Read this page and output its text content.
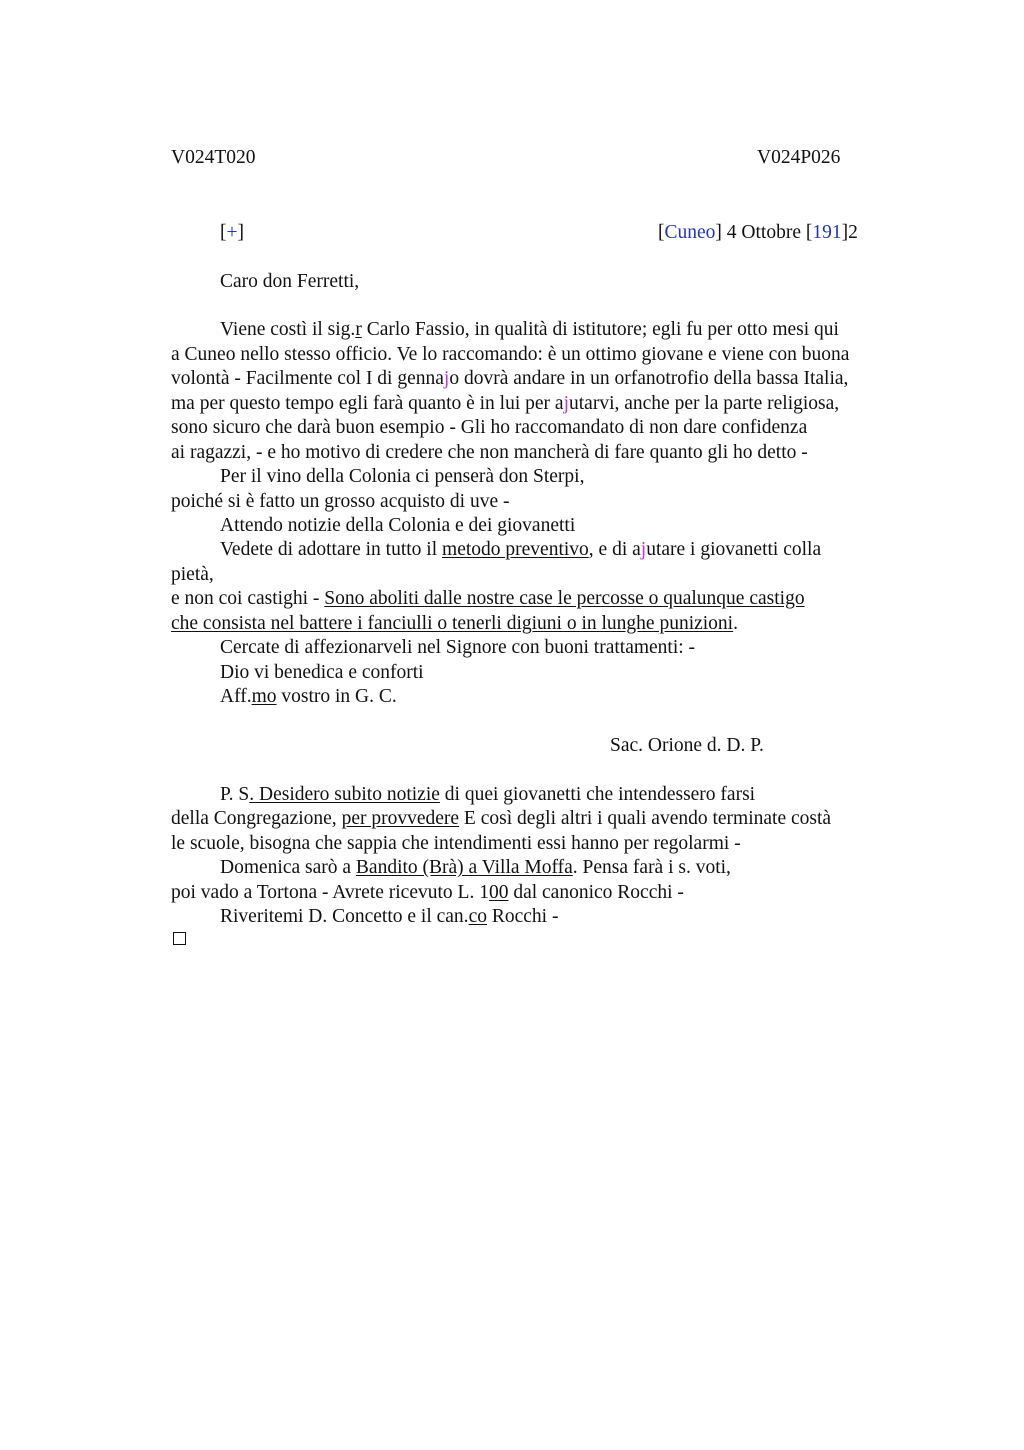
V024T020	V024P026
[+]	[Cuneo] 4 Ottobre [191]2
Caro don Ferretti,
Viene costì il sig.r Carlo Fassio, in qualità di istitutore; egli fu per otto mesi qui
a Cuneo nello stesso officio. Ve lo raccomando: è un ottimo giovane e viene con buona
volontà - Facilmente col I di gennajo dovrà andare in un orfanotrofio della bassa Italia,
ma per questo tempo egli farà quanto è in lui per ajutarvi, anche per la parte religiosa,
sono sicuro che darà buon esempio - Gli ho raccomandato di non dare confidenza
ai ragazzi, - e ho motivo di credere che non mancherà di fare quanto gli ho detto -
Per il vino della Colonia ci penserà don Sterpi,
poiché si è fatto un grosso acquisto di uve -
Attendo notizie della Colonia e dei giovanetti
Vedete di adottare in tutto il metodo preventivo, e di ajutare i giovanetti colla
pietà,
e non coi castighi - Sono aboliti dalle nostre case le percosse o qualunque castigo
che consista nel battere i fanciulli o tenerli digiuni o in lunghe punizioni.
Cercate di affezionarveli nel Signore con buoni trattamenti: -
Dio vi benedica e conforti
Aff.mo vostro in G. C.
Sac. Orione d. D. P.
P. S. Desidero subito notizie di quei giovanetti che intendessero farsi
della Congregazione, per provvedere E così degli altri i quali avendo terminate costà
le scuole, bisogna che sappia che intendimenti essi hanno per regolarmi -
Domenica sarò a Bandito (Brà) a Villa Moffa. Pensa farà i s. voti,
poi vado a Tortona - Avrete ricevuto L. 100 dal canonico Rocchi -
Riveritemi D. Concetto e il can.co Rocchi -
